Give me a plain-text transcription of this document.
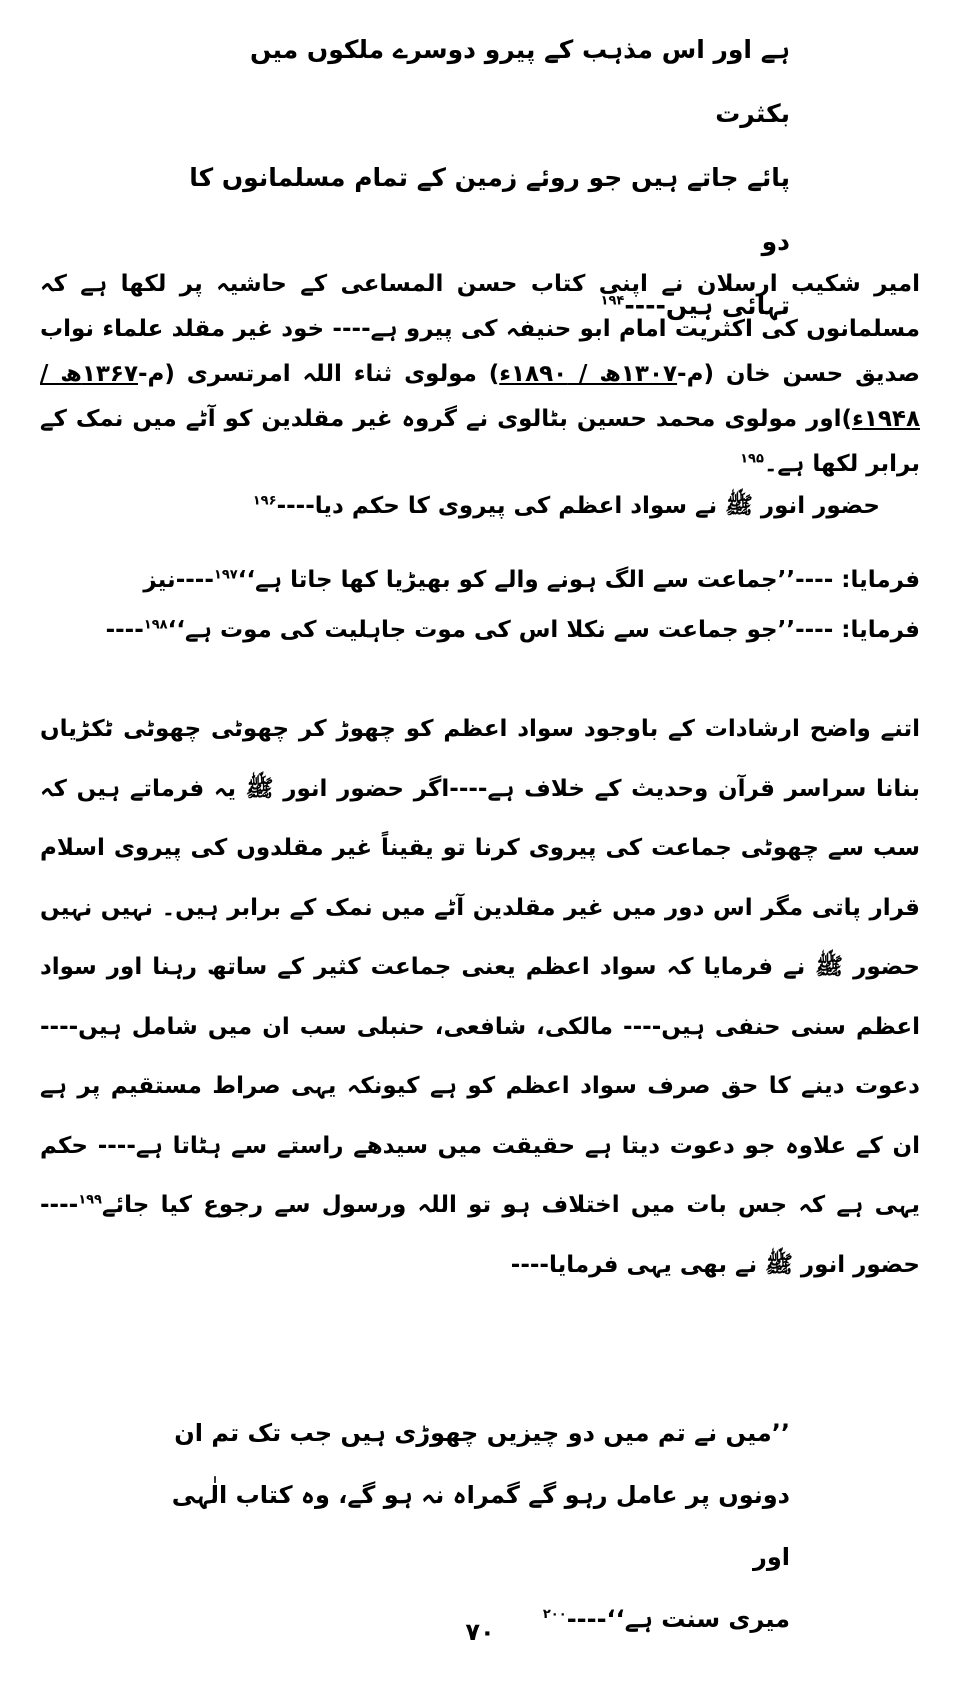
ہے اور اس مذہب کے پیرو دوسرے ملکوں میں بکثرت
پائے جاتے ہیں جو روئے زمین کے تمام مسلمانوں کا دو
تہائی ہیں----$^{۱۹۴}$

امیر شکیب ارسلان نے اپنی کتاب حسن المساعی کے حاشیہ پر لکھا ہے کہ مسلمانوں کی اکثریت امام ابو حنیفہ کی پیرو ہے---- خود غیر مقلد علماء نواب صدیق حسن خان (م-۱۳۰۷ھ / ۱۸۹۰ء) مولوی ثناء اللہ امرتسری (م-۱۳۶۷ھ / ۱۹۴۸ء)اور مولوی محمد حسین بٹالوی نے گروہ غیر مقلدین کو آٹے میں نمک کے برابر لکھا ہے۔$^{۱۹۵}$

حضور انور ﷺ نے سواد اعظم کی پیروی کا حکم دیا----$^{۱۹۶}$

فرمایا: ----’’جماعت سے الگ ہونے والے کو بھیڑیا کھا جاتا ہے‘‘$^{۱۹۷}$----نیز

فرمایا: ----’’جو جماعت سے نکلا اس کی موت جاہلیت کی موت ہے‘‘$^{۱۹۸}$----

اتنے واضح ارشادات کے باوجود سواد اعظم کو چھوڑ کر چھوٹی چھوٹی ٹکڑیاں بنانا سراسر قرآن وحدیث کے خلاف ہے----اگر حضور انور ﷺ یہ فرماتے ہیں کہ سب سے چھوٹی جماعت کی پیروی کرنا تو یقیناً غیر مقلدوں کی پیروی اسلام قرار پاتی مگر اس دور میں غیر مقلدین آٹے میں نمک کے برابر ہیں۔ نہیں نہیں حضور ﷺ نے فرمایا کہ سواد اعظم یعنی جماعت کثیر کے ساتھ رہنا اور سواد اعظم سنی حنفی ہیں---- مالکی، شافعی، حنبلی سب ان میں شامل ہیں----دعوت دینے کا حق صرف سواد اعظم کو ہے کیونکہ یہی صراط مستقیم پر ہے ان کے علاوہ جو دعوت دیتا ہے حقیقت میں سیدھے راستے سے ہٹاتا ہے---- حکم یہی ہے کہ جس بات میں اختلاف ہو تو اللہ ورسول سے رجوع کیا جائے$^{۱۹۹}$---- حضور انور ﷺ نے بھی یہی فرمایا----

’’میں نے تم میں دو چیزیں چھوڑی ہیں جب تک تم ان
دونوں پر عامل رہو گے گمراہ نہ ہو گے، وہ کتاب الٰہی اور
میری سنت ہے‘‘----$^{۲۰۰}$
۷۰
